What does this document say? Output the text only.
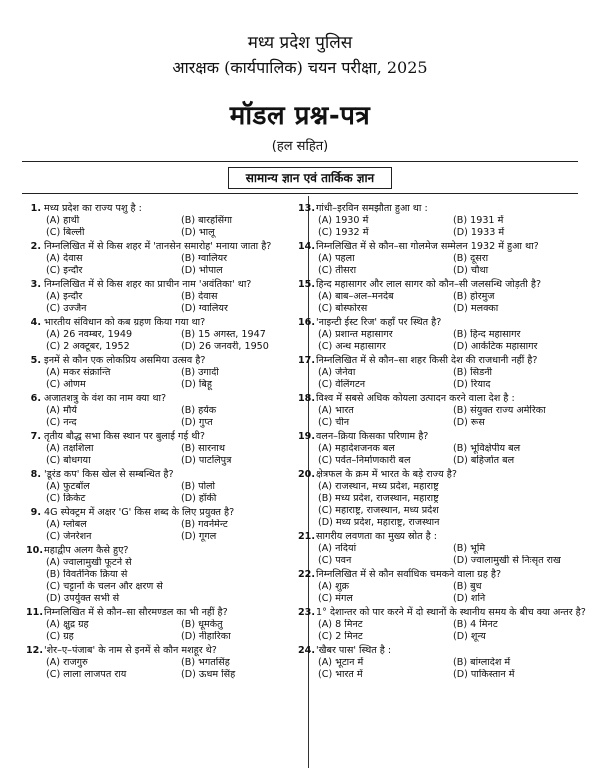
मध्य प्रदेश पुलिस
आरक्षक (कार्यपालिक) चयन परीक्षा, 2025
मॉडल प्रश्न-पत्र
(हल सहित)
सामान्य ज्ञान एवं तार्किक ज्ञान
1. मध्य प्रदेश का राज्य पशु है :
(A) हाथी	(B) बारहसिंगा
(C) बिल्ली	(D) भालू
2. निम्नलिखित में से किस शहर में 'तानसेन समारोह' मनाया जाता है?
(A) देवास	(B) ग्वालियर
(C) इन्दौर	(D) भोपाल
3. निम्नलिखित में से किस शहर का प्राचीन नाम 'अवंतिका' था?
(A) इन्दौर	(B) देवास
(C) उज्जैन	(D) ग्वालियर
4. भारतीय संविधान को कब ग्रहण किया गया था?
(A) 26 नवम्बर, 1949	(B) 15 अगस्त, 1947
(C) 2 अक्टूबर, 1952	(D) 26 जनवरी, 1950
5. इनमें से कौन एक लोकप्रिय असमिया उत्सव है?
(A) मकर संक्रान्ति	(B) उगादी
(C) ओणम	(D) बिहू
6. अजातशत्रु के वंश का नाम क्या था?
(A) मौर्य	(B) हर्यक
(C) नन्द	(D) गुप्त
7. तृतीय बौद्ध सभा किस स्थान पर बुलाई गई थी?
(A) तक्षशिला	(B) सारनाथ
(C) बोधगया	(D) पाटलिपुत्र
8. 'डूरंड कप' किस खेल से सम्बन्धित है?
(A) फुटबॉल	(B) पोलो
(C) क्रिकेट	(D) हॉकी
9. 4G स्पेक्ट्रम में अक्षर 'G' किस शब्द के लिए प्रयुक्त है?
(A) ग्लोबल	(B) गवर्नमेन्ट
(C) जेनरेशन	(D) गूगल
10. महाद्वीप अलग कैसे हुए?
(A) ज्वालामुखी फूटने से
(B) विवर्तनिक क्रिया से
(C) चट्टानों के चलन और क्षरण से
(D) उपर्युक्त सभी से
11. निम्नलिखित में से कौन–सा सौरमण्डल का भी नहीं है?
(A) क्षुद्र ग्रह	(B) धूमकेतु
(C) ग्रह	(D) नीहारिका
12. 'शेर–ए–पंजाब' के नाम से इनमें से कौन मशहूर थे?
(A) राजगुरु	(B) भगतसिंह
(C) लाला लाजपत राय	(D) ऊधम सिंह
13. गांधी–इरविन समझौता हुआ था :
(A) 1930 में	(B) 1931 में
(C) 1932 में	(D) 1933 में
14. निम्नलिखित में से कौन–सा गोलमेज सम्मेलन 1932 में हुआ था?
(A) पहला	(B) दूसरा
(C) तीसरा	(D) चौथा
15. हिन्द महासागर और लाल सागर को कौन–सी जलसन्धि जोड़ती है?
(A) बाब–अल–मनदेब	(B) होरमुज
(C) बोस्फोरस	(D) मलक्का
16. 'नाइन्टी ईस्ट रिज' कहाँ पर स्थित है?
(A) प्रशान्त महासागर	(B) हिन्द महासागर
(C) अन्ध महासागर	(D) आर्कटिक महासागर
17. निम्नलिखित में से कौन–सा शहर किसी देश की राजधानी नहीं है?
(A) जेनेवा	(B) सिडनी
(C) वेलिंगटन	(D) रियाद
18. विश्व में सबसे अधिक कोयला उत्पादन करने वाला देश है :
(A) भारत	(B) संयुक्त राज्य अमेरिका
(C) चीन	(D) रूस
19. वलन–क्रिया किसका परिणाम है?
(A) महादेशजनक बल	(B) भूविक्षेपीय बल
(C) पर्वत–निर्माणकारी बल	(D) बहिर्जात बल
20. क्षेत्रफल के क्रम में भारत के बड़े राज्य है?
(A) राजस्थान, मध्य प्रदेश, महाराष्ट्र
(B) मध्य प्रदेश, राजस्थान, महाराष्ट्र
(C) महाराष्ट्र, राजस्थान, मध्य प्रदेश
(D) मध्य प्रदेश, महाराष्ट्र, राजस्थान
21. सागरीय लवणता का मुख्य स्रोत है :
(A) नदियां	(B) भूमि
(C) पवन	(D) ज्वालामुखी से निःसृत राख
22. निम्नलिखित में से कौन सर्वाधिक चमकने वाला ग्रह है?
(A) शुक्र	(B) बुध
(C) मंगल	(D) शनि
23. 1° देशान्तर को पार करने में दो स्थानों के स्थानीय समय के बीच क्या अन्तर है?
(A) 8 मिनट	(B) 4 मिनट
(C) 2 मिनट	(D) शून्य
24. 'खैबर पास' स्थित है :
(A) भूटान में	(B) बांग्लादेश में
(C) भारत में	(D) पाकिस्तान में
